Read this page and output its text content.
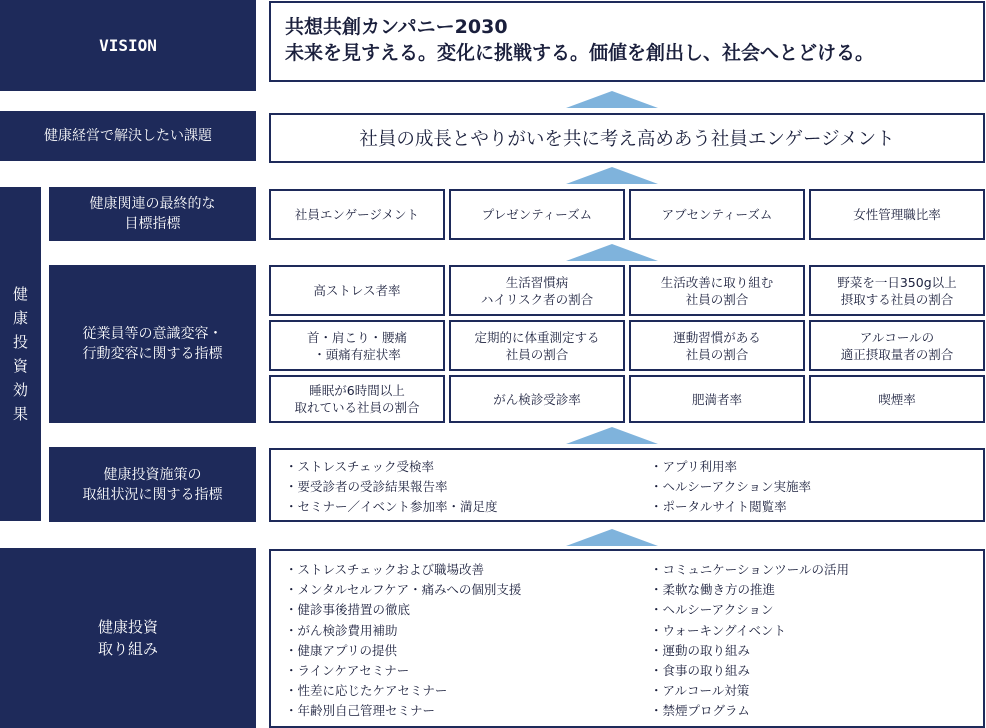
VISION
共想共創カンパニー2030
未来を見すえる。変化に挑戦する。価値を創出し、社会へとどける。
健康経営で解決したい課題	社員の成長とやりがいを共に考え高めあう社員エンゲージメント
健
康
投
資
効
果
健康関連の最終的な
目標指標
社員エンゲージメント	プレゼンティーズム	アブセンティーズム	女性管理職比率
従業員等の意識変容・
行動変容に関する指標
高ストレス者率
生活習慣病
ハイリスク者の割合
生活改善に取り組む
社員の割合
野菜を一日350g以上
摂取する社員の割合
首・肩こり・腰痛
・頭痛有症状率
定期的に体重測定する
社員の割合
運動習慣がある
社員の割合
アルコールの
適正摂取量者の割合
睡眠が6時間以上
取れている社員の割合
がん検診受診率	肥満者率	喫煙率
健康投資施策の
取組状況に関する指標
・ストレスチェック受検率
・要受診者の受診結果報告率
・セミナー／イベント参加率・満足度
・アプリ利用率
・ヘルシーアクション実施率
・ポータルサイト閲覧率
健康投資
取り組み
・ストレスチェックおよび職場改善
・メンタルセルフケア・痛みへの個別支援
・健診事後措置の徹底
・がん検診費用補助
・健康アプリの提供
・ラインケアセミナー
・性差に応じたケアセミナー
・年齢別自己管理セミナー
・コミュニケーションツールの活用
・柔軟な働き方の推進
・ヘルシーアクション
・ウォーキングイベント
・運動の取り組み
・食事の取り組み
・アルコール対策
・禁煙プログラム
